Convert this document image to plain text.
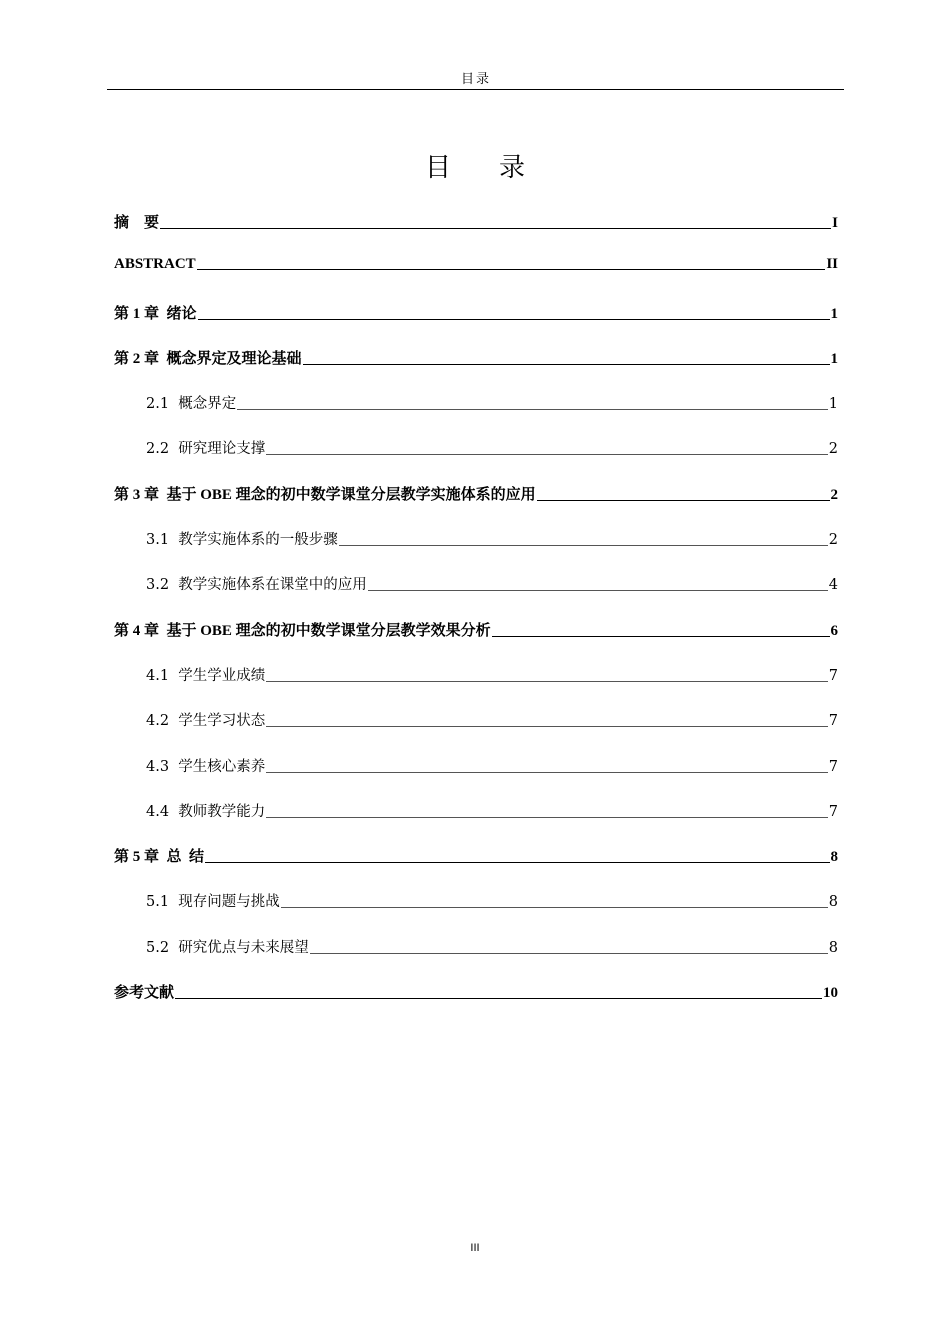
目录
目 录
摘　要	I
ABSTRACT	II
第 1 章  绪论	1
第 2 章  概念界定及理论基础	1
2.1  概念界定	1
2.2  研究理论支撑	2
第 3 章  基于 OBE 理念的初中数学课堂分层教学实施体系的应用	2
3.1  教学实施体系的一般步骤	2
3.2  教学实施体系在课堂中的应用	4
第 4 章  基于 OBE 理念的初中数学课堂分层教学效果分析	6
4.1  学生学业成绩	7
4.2  学生学习状态	7
4.3  学生核心素养	7
4.4  教师教学能力	7
第 5 章  总  结	8
5.1  现存问题与挑战	8
5.2  研究优点与未来展望	8
参考文献	10
III
